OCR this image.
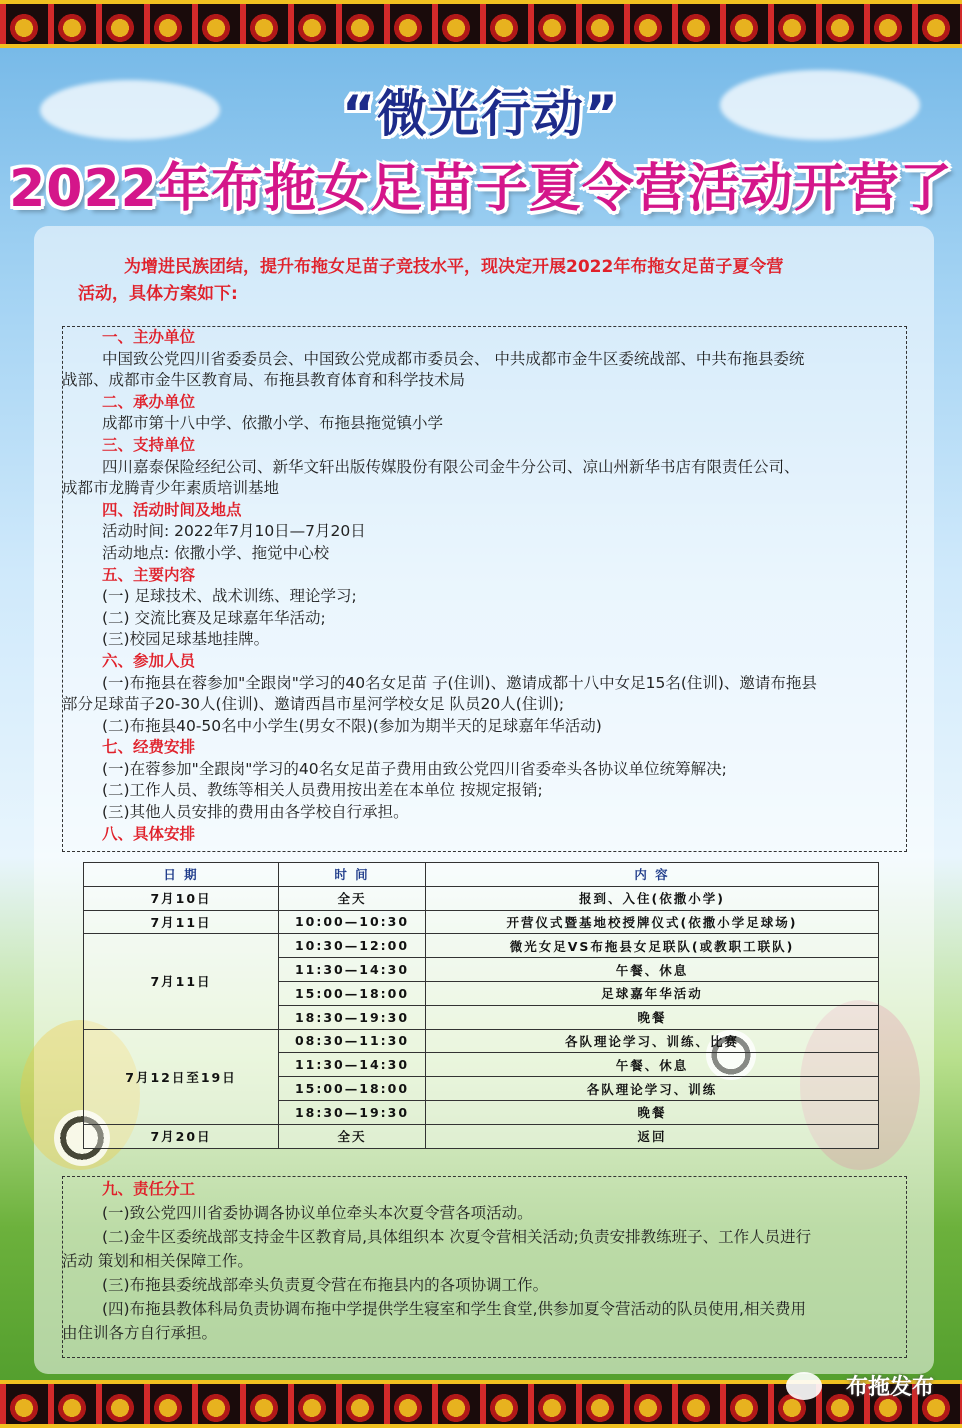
“微光行动”
2022年布拖女足苗子夏令营活动开营了
为增进民族团结，提升布拖女足苗子竞技水平，现决定开展2022年布拖女足苗子夏令营
活动，具体方案如下:
一、主办单位
中国致公党四川省委委员会、中国致公党成都市委员会、 中共成都市金牛区委统战部、中共布拖县委统
战部、成都市金牛区教育局、布拖县教育体育和科学技术局
二、承办单位
成都市第十八中学、依撒小学、布拖县拖觉镇小学
三、支持单位
四川嘉泰保险经纪公司、新华文轩出版传媒股份有限公司金牛分公司、凉山州新华书店有限责任公司、
成都市龙腾青少年素质培训基地
四、活动时间及地点
活动时间: 2022年7月10日—7月20日
活动地点: 依撒小学、拖觉中心校
五、主要内容
(一) 足球技术、战术训练、理论学习;
(二) 交流比赛及足球嘉年华活动;
(三)校园足球基地挂牌。
六、参加人员
(一)布拖县在蓉参加"全跟岗"学习的40名女足苗 子(住训)、邀请成都十八中女足15名(住训)、邀请布拖县
部分足球苗子20-30人(住训)、邀请西昌市星河学校女足 队员20人(住训);
(二)布拖县40-50名中小学生(男女不限)(参加为期半天的足球嘉年华活动)
七、经费安排
(一)在蓉参加"全跟岗"学习的40名女足苗子费用由致公党四川省委牵头各协议单位统筹解决;
(二)工作人员、教练等相关人员费用按出差在本单位 按规定报销;
(三)其他人员安排的费用由各学校自行承担。
八、具体安排
日 期	时 间	内 容
7月10日	全天	报到、入住(依撒小学)
7月11日	10:00—10:30	开营仪式暨基地校授牌仪式(依撒小学足球场)
7月11日	10:30—12:00	微光女足VS布拖县女足联队(或教职工联队)
	11:30—14:30	午餐、休息
	15:00—18:00	足球嘉年华活动
	18:30—19:30	晚餐
7月12日至19日	08:30—11:30	各队理论学习、训练、比赛
	11:30—14:30	午餐、休息
	15:00—18:00	各队理论学习、训练
	18:30—19:30	晚餐
7月20日	全天	返回
九、责任分工
(一)致公党四川省委协调各协议单位牵头本次夏令营各项活动。
(二)金牛区委统战部支持金牛区教育局,具体组织本 次夏令营相关活动;负责安排教练班子、工作人员进行
活动 策划和相关保障工作。
(三)布拖县委统战部牵头负责夏令营在布拖县内的各项协调工作。
(四)布拖县教体科局负责协调布拖中学提供学生寝室和学生食堂,供参加夏令营活动的队员使用,相关费用
由住训各方自行承担。
布拖发布
